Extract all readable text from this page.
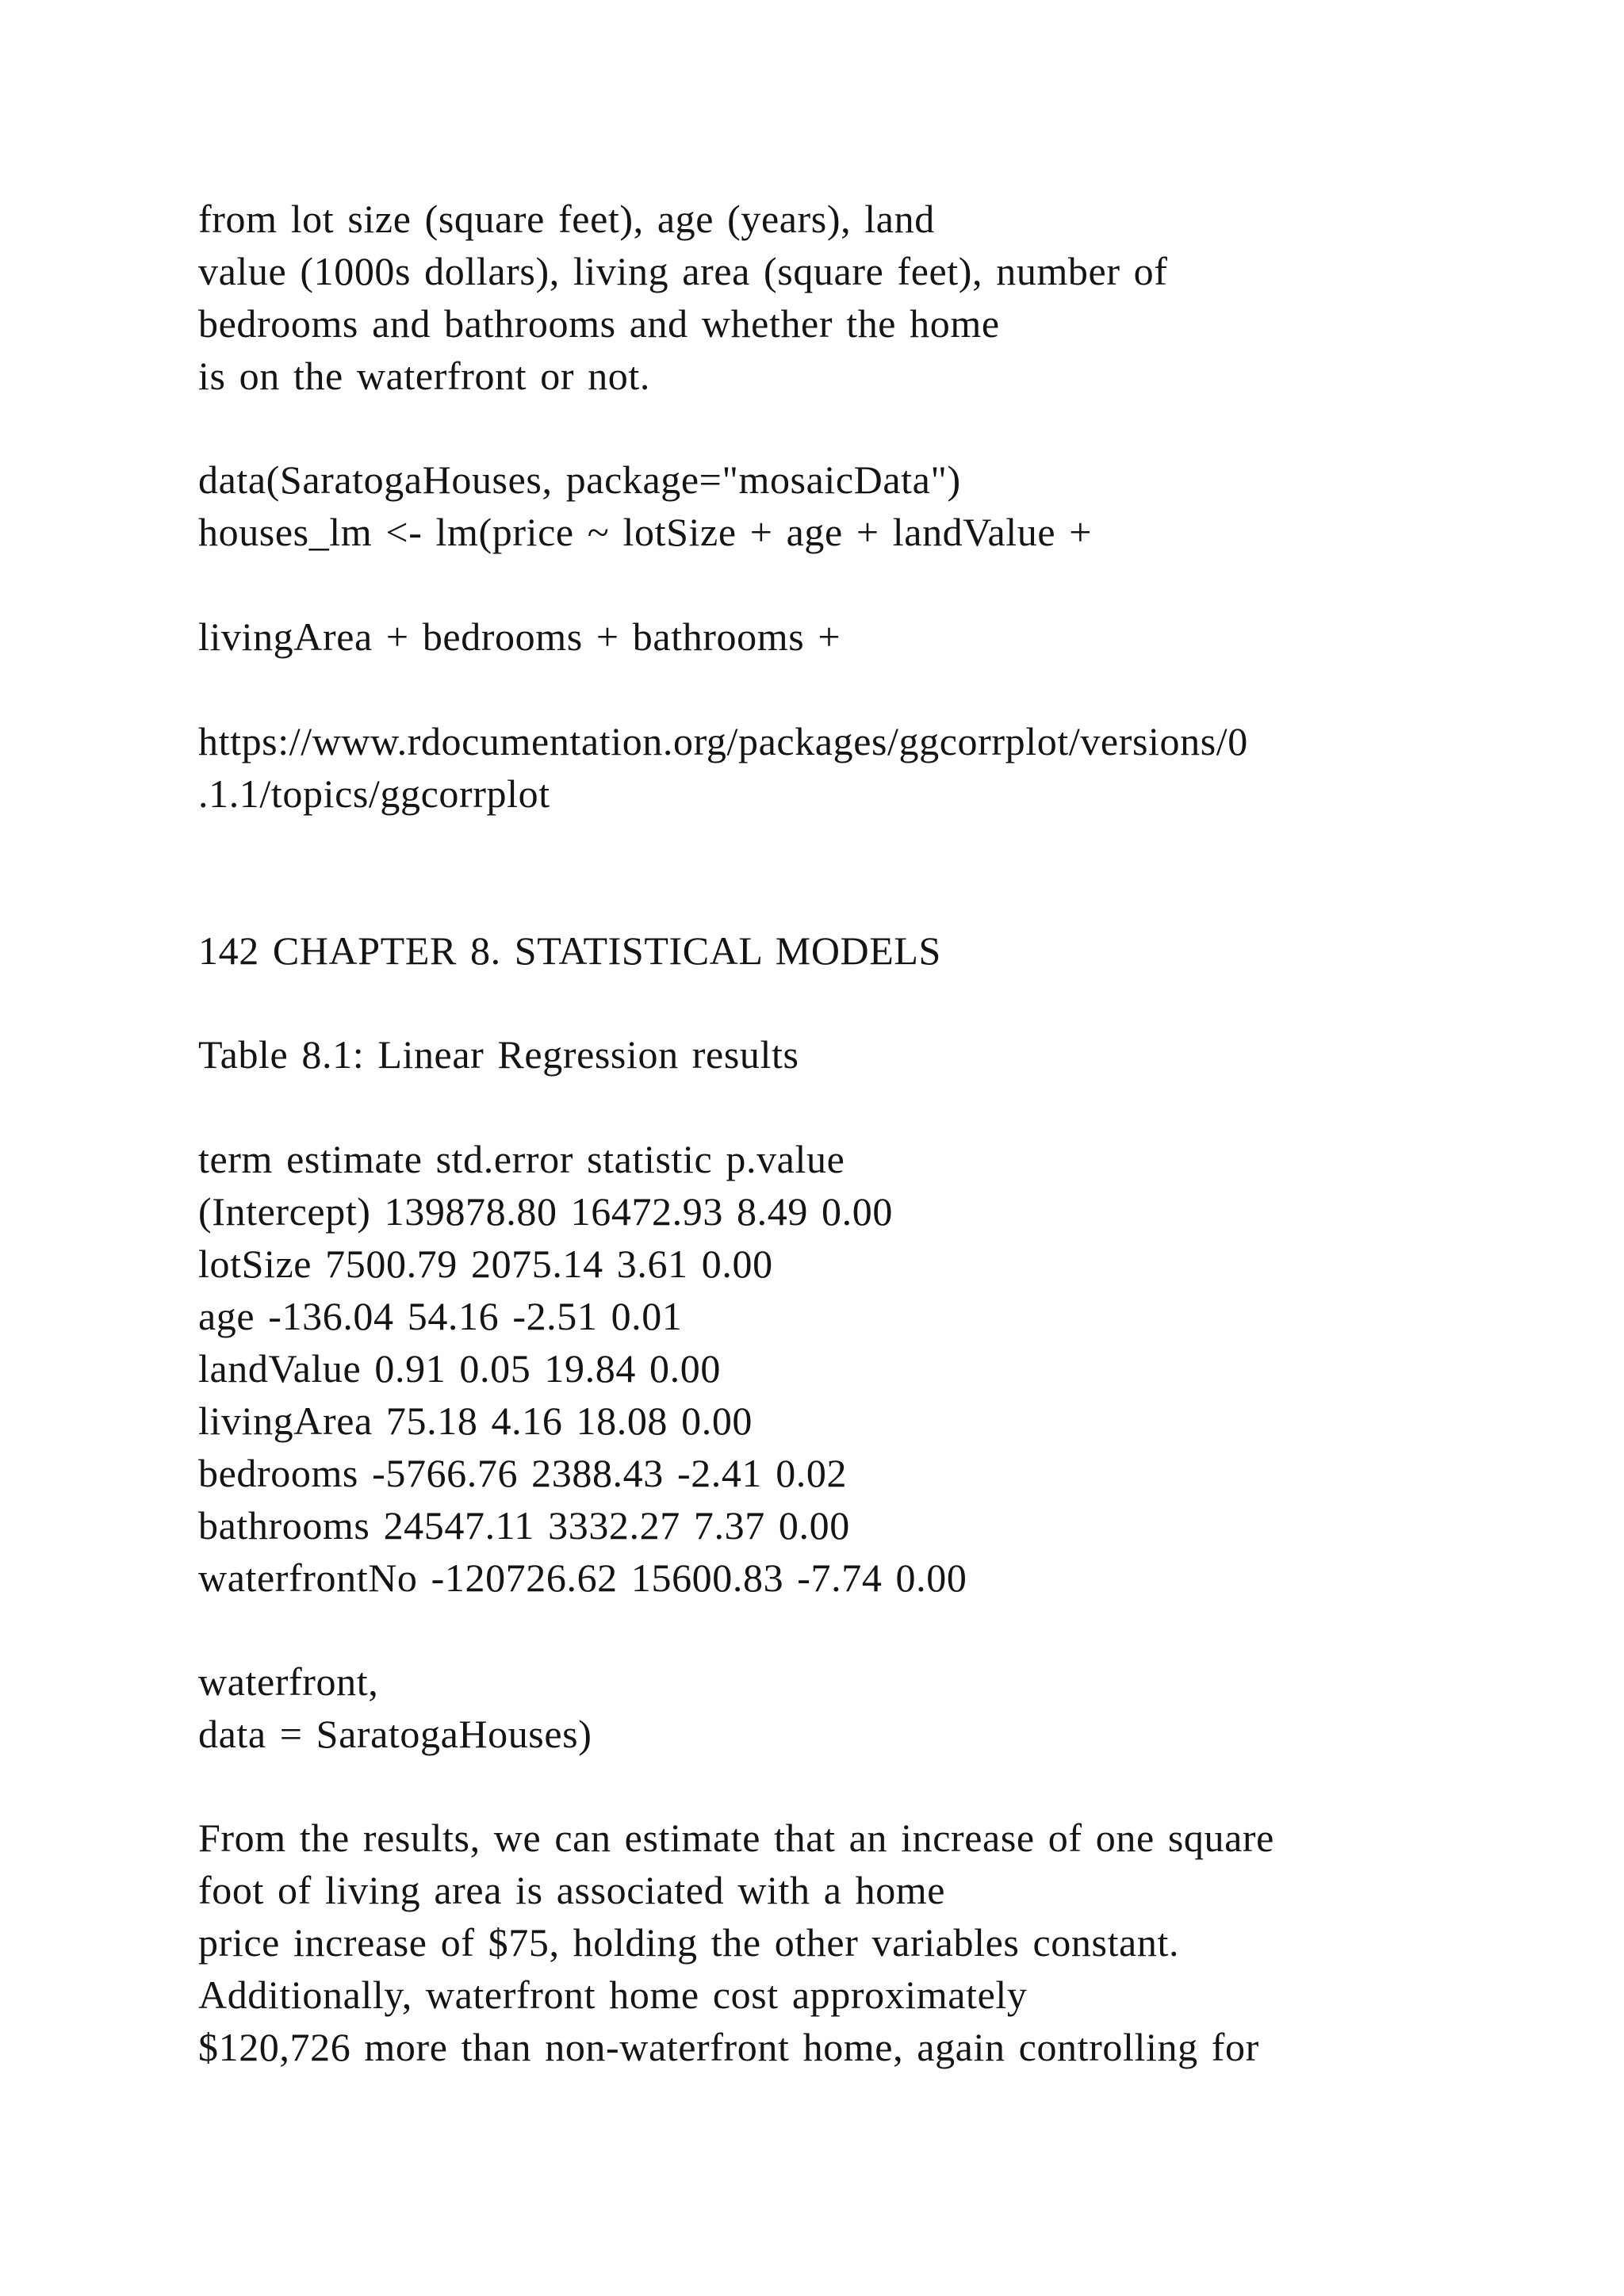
from lot size (square feet), age (years), land
value (1000s dollars), living area (square feet), number of
bedrooms and bathrooms and whether the home
is on the waterfront or not.
data(SaratogaHouses, package="mosaicData")
houses_lm <- lm(price ~ lotSize + age + landValue +
livingArea + bedrooms + bathrooms +
https://www.rdocumentation.org/packages/ggcorrplot/versions/0
.1.1/topics/ggcorrplot
142 CHAPTER 8. STATISTICAL MODELS
Table 8.1: Linear Regression results
term estimate std.error statistic p.value
(Intercept) 139878.80 16472.93 8.49 0.00
lotSize 7500.79 2075.14 3.61 0.00
age -136.04 54.16 -2.51 0.01
landValue 0.91 0.05 19.84 0.00
livingArea 75.18 4.16 18.08 0.00
bedrooms -5766.76 2388.43 -2.41 0.02
bathrooms 24547.11 3332.27 7.37 0.00
waterfrontNo -120726.62 15600.83 -7.74 0.00
waterfront,
data = SaratogaHouses)
From the results, we can estimate that an increase of one square
foot of living area is associated with a home
price increase of $75, holding the other variables constant.
Additionally, waterfront home cost approximately
$120,726 more than non-waterfront home, again controlling for
